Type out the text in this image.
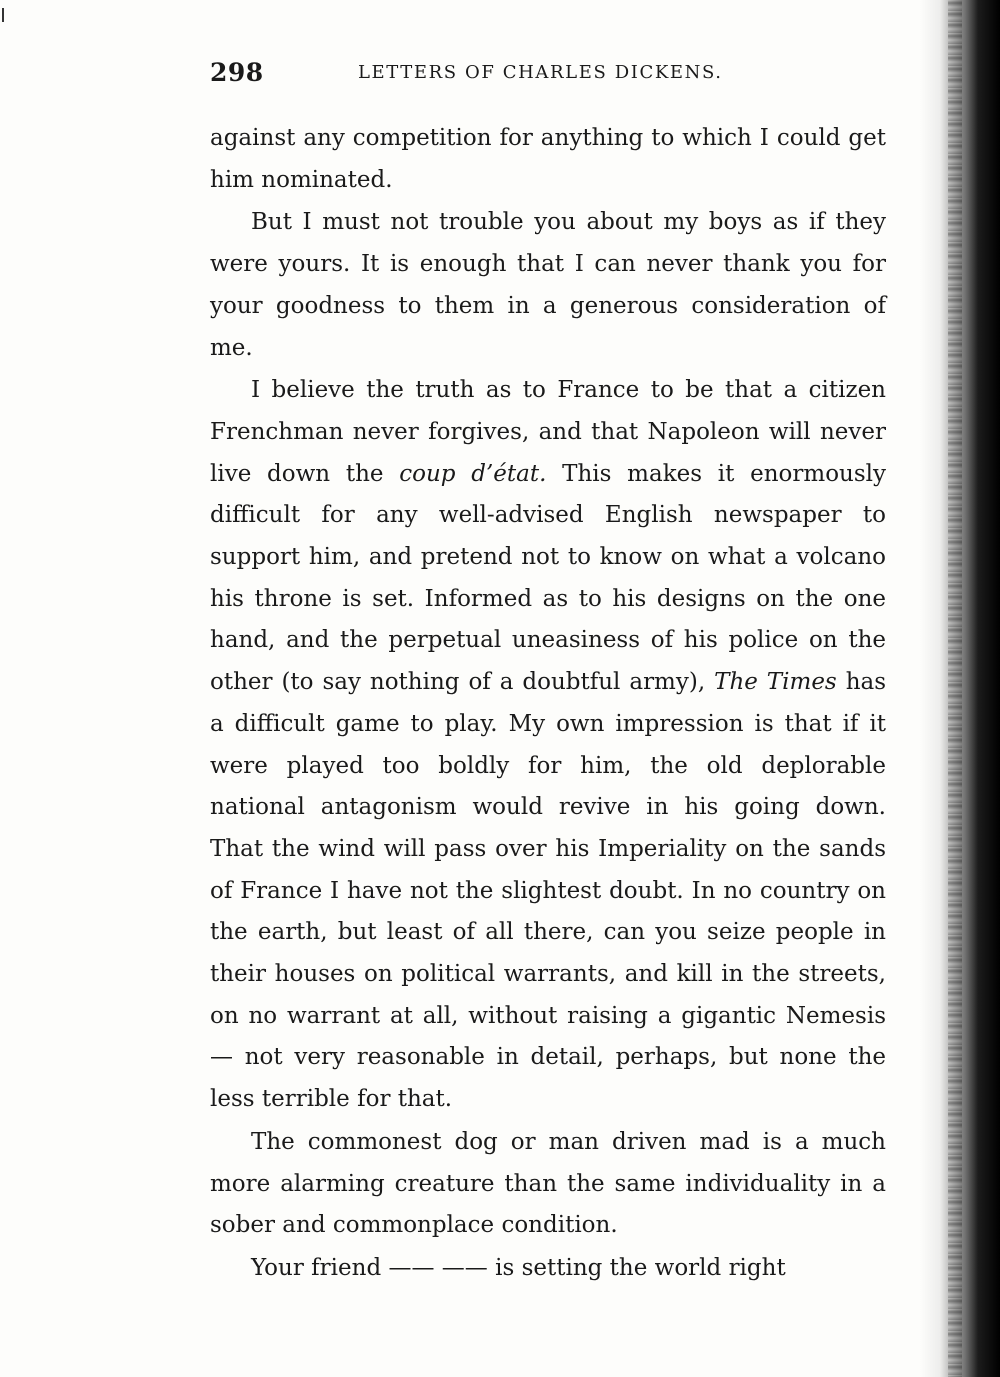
298	LETTERS OF CHARLES DICKENS.

against any competition for anything to which I could get him nominated.

But I must not trouble you about my boys as if they were yours. It is enough that I can never thank you for your goodness to them in a generous consideration of me.

I believe the truth as to France to be that a citizen Frenchman never forgives, and that Napoleon will never live down the coup d’état. This makes it enormously difficult for any well-advised English newspaper to support him, and pretend not to know on what a volcano his throne is set. Informed as to his designs on the one hand, and the perpetual uneasiness of his police on the other (to say nothing of a doubtful army), The Times has a difficult game to play. My own impression is that if it were played too boldly for him, the old deplorable national antagonism would revive in his going down. That the wind will pass over his Imperiality on the sands of France I have not the slightest doubt. In no country on the earth, but least of all there, can you seize people in their houses on political warrants, and kill in the streets, on no warrant at all, without raising a gigantic Nemesis— not very reasonable in detail, perhaps, but none the less terrible for that.

The commonest dog or man driven mad is a much more alarming creature than the same individuality in a sober and commonplace condition.

Your friend —— —— is setting the world right
